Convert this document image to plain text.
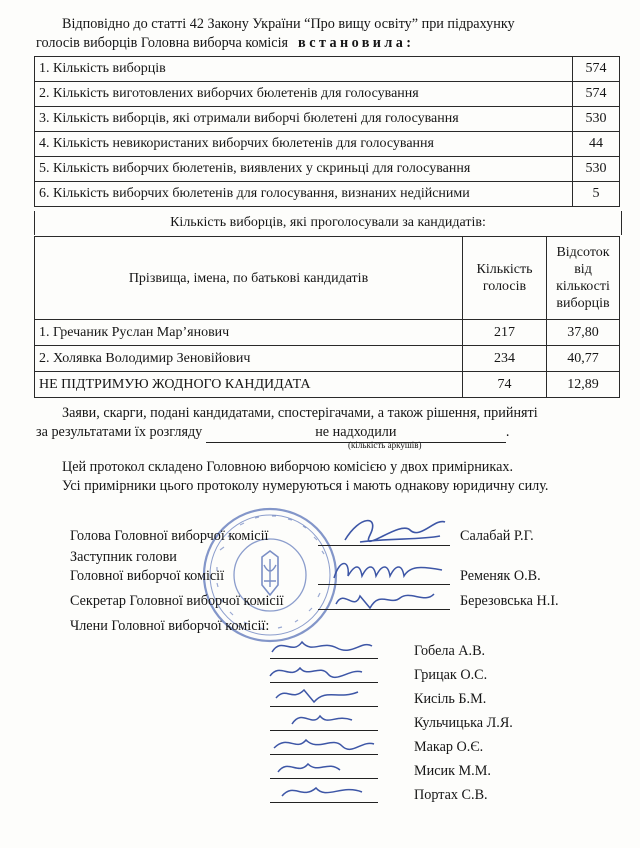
Відповідно до статті 42 Закону України “Про вищу освіту” при підрахунку
голосів виборців Головна виборча комісія встановила:
1. Кількість виборців	574
2. Кількість виготовлених виборчих бюлетенів для голосування	574
3. Кількість виборців, які отримали виборчі бюлетені для голосування	530
4. Кількість невикористаних виборчих бюлетенів для голосування	44
5. Кількість виборчих бюлетенів, виявлених у скриньці для голосування	530
6. Кількість виборчих бюлетенів для голосування, визнаних недійсними	5
Кількість виборців, які проголосували за кандидатів:
Прізвища, імена, по батькові кандидатів	Кількість голосів	Відсоток від кількості виборців
1. Гречаник Руслан Мар’янович	217	37,80
2. Холявка Володимир Зеновійович	234	40,77
НЕ ПІДТРИМУЮ ЖОДНОГО КАНДИДАТА	74	12,89
Заяви, скарги, подані кандидатами, спостерігачами, а також рішення, прийняті
за результатами їх розгляду	не надходили	.
(кількість аркушів)
Цей протокол складено Головною виборчою комісією у двох примірниках.
Усі примірники цього протоколу нумеруються і мають однакову юридичну силу.
Голова Головної виборчої комісії	Салабай Р.Г.
Заступник голови
Головної виборчої комісії	Ременяк О.В.
Секретар Головної виборчої комісії	Березовська Н.І.
Члени Головної виборчої комісії:
Гобела А.В.
Грицак О.С.
Кисіль Б.М.
Кульчицька Л.Я.
Макар О.Є.
Мисик М.М.
Портах С.В.
